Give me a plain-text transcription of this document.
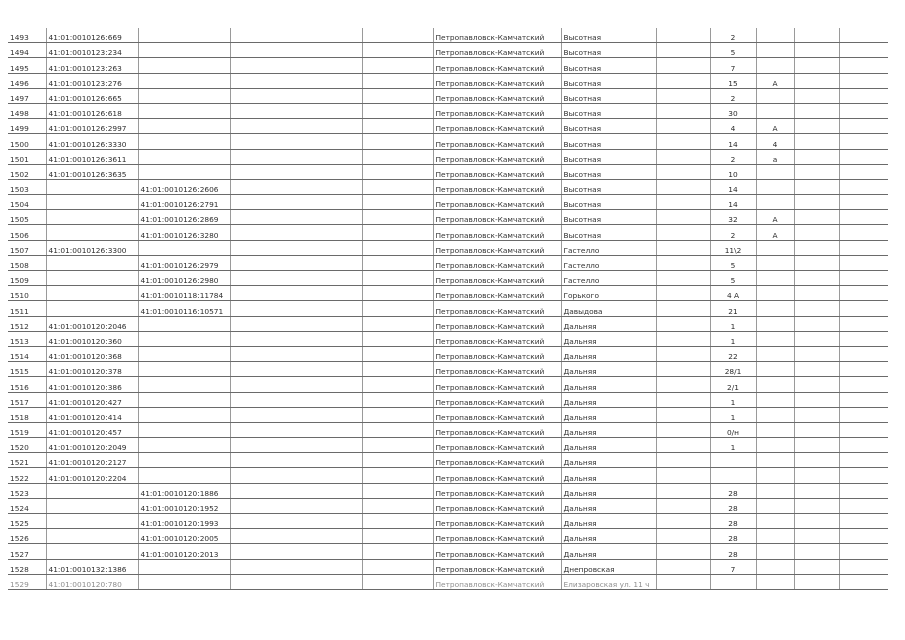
1493	41:01:0010126:669				Петропавловск-Камчатский	Высотная		2			
1494	41:01:0010123:234				Петропавловск-Камчатский	Высотная		5			
1495	41:01:0010123:263				Петропавловск-Камчатский	Высотная		7			
1496	41:01:0010123:276				Петропавловск-Камчатский	Высотная		15	А		
1497	41:01:0010126:665				Петропавловск-Камчатский	Высотная		2			
1498	41:01:0010126:618				Петропавловск-Камчатский	Высотная		30			
1499	41:01:0010126:2997				Петропавловск-Камчатский	Высотная		4	А		
1500	41:01:0010126:3330				Петропавловск-Камчатский	Высотная		14	4		
1501	41:01:0010126:3611				Петропавловск-Камчатский	Высотная		2	а		
1502	41:01:0010126:3635				Петропавловск-Камчатский	Высотная		10			
1503		41:01:0010126:2606			Петропавловск-Камчатский	Высотная		14			
1504		41:01:0010126:2791			Петропавловск-Камчатский	Высотная		14			
1505		41:01:0010126:2869			Петропавловск-Камчатский	Высотная		32	А		
1506		41:01:0010126:3280			Петропавловск-Камчатский	Высотная		2	А		
1507	41:01:0010126:3300				Петропавловск-Камчатский	Гастелло		11\2			
1508		41:01:0010126:2979			Петропавловск-Камчатский	Гастелло		5			
1509		41:01:0010126:2980			Петропавловск-Камчатский	Гастелло		5			
1510		41:01:0010118:11784			Петропавловск-Камчатский	Горького		4 А			
1511		41:01:0010116:10571			Петропавловск-Камчатский	Давыдова		21			
1512	41:01:0010120:2046				Петропавловск-Камчатский	Дальняя		1			
1513	41:01:0010120:360				Петропавловск-Камчатский	Дальняя		1			
1514	41:01:0010120:368				Петропавловск-Камчатский	Дальняя		22			
1515	41:01:0010120:378				Петропавловск-Камчатский	Дальняя		28/1			
1516	41:01:0010120:386				Петропавловск-Камчатский	Дальняя		2/1			
1517	41:01:0010120:427				Петропавловск-Камчатский	Дальняя		1			
1518	41:01:0010120:414				Петропавловск-Камчатский	Дальняя		1			
1519	41:01:0010120:457				Петропавловск-Камчатский	Дальняя		0/н			
1520	41:01:0010120:2049				Петропавловск-Камчатский	Дальняя		1			
1521	41:01:0010120:2127				Петропавловск-Камчатский	Дальняя					
1522	41:01:0010120:2204				Петропавловск-Камчатский	Дальняя					
1523		41:01:0010120:1886			Петропавловск-Камчатский	Дальняя		28			
1524		41:01:0010120:1952			Петропавловск-Камчатский	Дальняя		28			
1525		41:01:0010120:1993			Петропавловск-Камчатский	Дальняя		28			
1526		41:01:0010120:2005			Петропавловск-Камчатский	Дальняя		28			
1527		41:01:0010120:2013			Петропавловск-Камчатский	Дальняя		28			
1528	41:01:0010132:1386				Петропавловск-Камчатский	Днепровская		7			
1529	41:01:0010120:780				Петропавловск-Камчатский	Елизаровская ул. 11 ч					
